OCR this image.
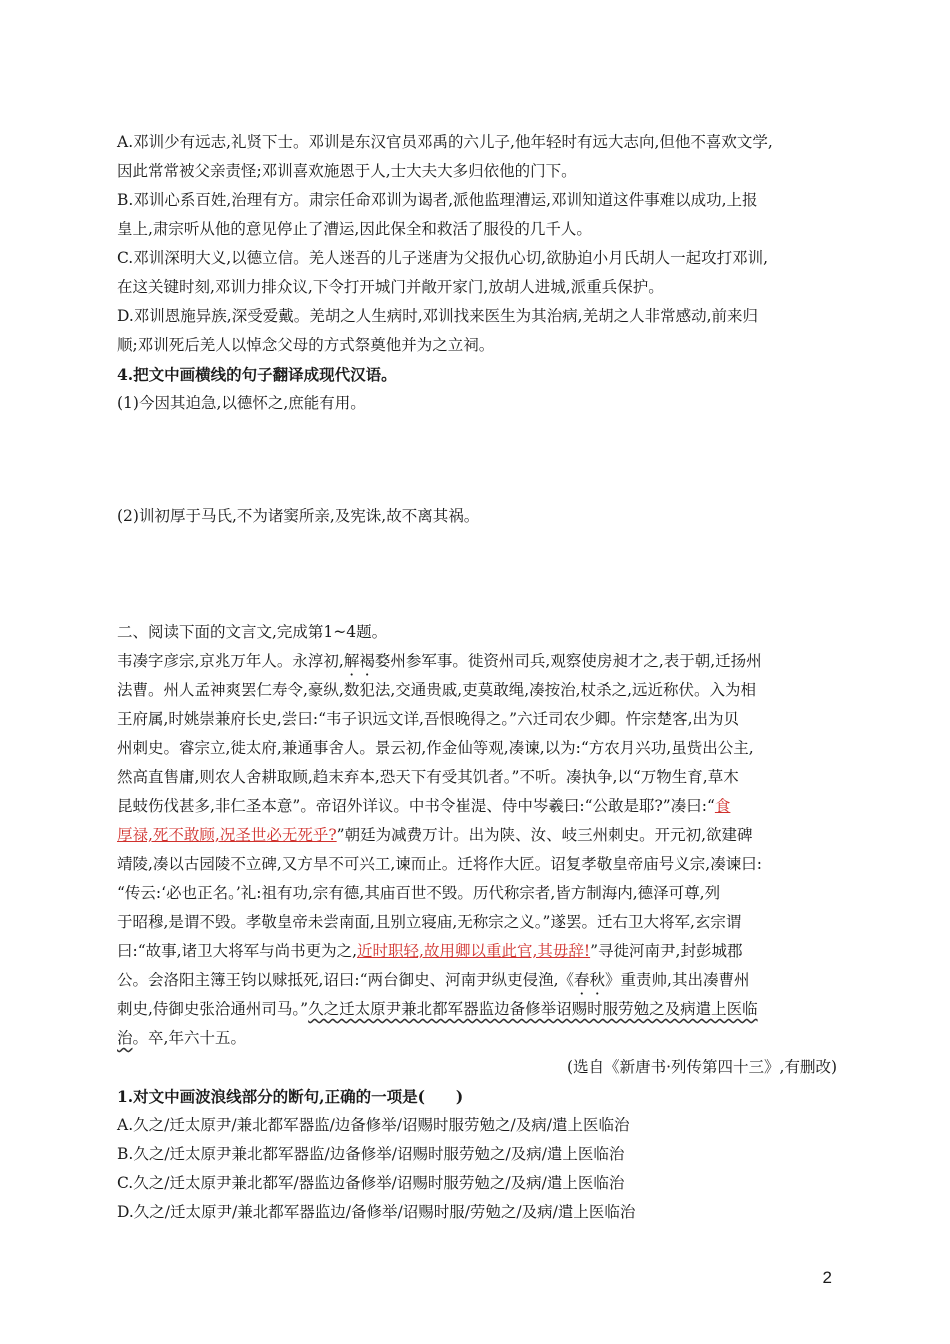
A.邓训少有远志,礼贤下士。邓训是东汉官员邓禹的六儿子,他年轻时有远大志向,但他不喜欢文学,
因此常常被父亲责怪;邓训喜欢施恩于人,士大夫大多归依他的门下。
B.邓训心系百姓,治理有方。肃宗任命邓训为谒者,派他监理漕运,邓训知道这件事难以成功,上报
皇上,肃宗听从他的意见停止了漕运,因此保全和救活了服役的几千人。
C.邓训深明大义,以德立信。羌人迷吾的儿子迷唐为父报仇心切,欲胁迫小月氏胡人一起攻打邓训,
在这关键时刻,邓训力排众议,下令打开城门并敞开家门,放胡人进城,派重兵保护。
D.邓训恩施异族,深受爱戴。羌胡之人生病时,邓训找来医生为其治病,羌胡之人非常感动,前来归
顺;邓训死后羌人以悼念父母的方式祭奠他并为之立祠。
4.把文中画横线的句子翻译成现代汉语。
(1)今因其迫急,以德怀之,庶能有用。
(2)训初厚于马氏,不为诸窦所亲,及宪诛,故不离其祸。
二、阅读下面的文言文,完成第1~4题。
韦凑字彦宗,京兆万年人。永淳初,解褐婺州参军事。徙资州司兵,观察使房昶才之,表于朝,迁扬州
法曹。州人孟神爽罢仁寿令,豪纵,数犯法,交通贵戚,吏莫敢绳,凑按治,杖杀之,远近称伏。入为相
王府属,时姚崇兼府长史,尝曰:“韦子识远文详,吾恨晚得之。”六迁司农少卿。忤宗楚客,出为贝
州刺史。睿宗立,徙太府,兼通事舍人。景云初,作金仙等观,凑谏,以为:“方农月兴功,虽赀出公主,
然高直售庸,则农人舍耕取顾,趋末弃本,恐天下有受其饥者。”不听。凑执争,以“万物生育,草木
昆蚑伤伐甚多,非仁圣本意”。帝诏外详议。中书令崔湜、侍中岑羲曰:“公敢是耶?”凑曰:“食
厚禄,死不敢顾,况圣世必无死乎?”朝廷为减费万计。出为陕、汝、岐三州刺史。开元初,欲建碑
靖陵,凑以古园陵不立碑,又方旱不可兴工,谏而止。迁将作大匠。诏复孝敬皇帝庙号义宗,凑谏曰:
“传云:‘必也正名。’礼:祖有功,宗有德,其庙百世不毁。历代称宗者,皆方制海内,德泽可尊,列
于昭穆,是谓不毁。孝敬皇帝未尝南面,且别立寝庙,无称宗之义。”遂罢。迁右卫大将军,玄宗谓
曰:“故事,诸卫大将军与尚书更为之,近时职轻,故用卿以重此官,其毋辞!”寻徙河南尹,封彭城郡
公。会洛阳主簿王钧以赇抵死,诏曰:“两台御史、河南尹纵吏侵渔,《春秋》重责帅,其出凑曹州
刺史,侍御史张洽通州司马。”久之迁太原尹兼北都军器监边备修举诏赐时服劳勉之及病遣上医临
治。卒,年六十五。
(选自《新唐书·列传第四十三》,有删改)
1.对文中画波浪线部分的断句,正确的一项是(　　)
A.久之/迁太原尹/兼北都军器监/边备修举/诏赐时服劳勉之/及病/遣上医临治
B.久之/迁太原尹兼北都军器监/边备修举/诏赐时服劳勉之/及病/遣上医临治
C.久之/迁太原尹兼北都军/器监边备修举/诏赐时服劳勉之/及病/遣上医临治
D.久之/迁太原尹/兼北都军器监边/备修举/诏赐时服/劳勉之/及病/遣上医临治
2
